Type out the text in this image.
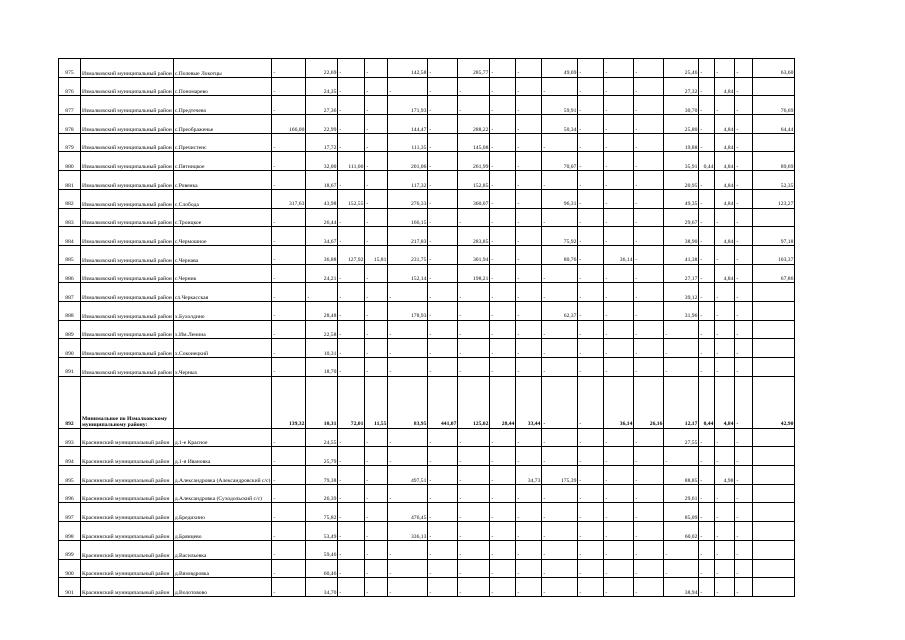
875	Измалковский муниципальный район	с.Полевые Локотцы	-	22,69	-	-	142,58	-	285,77	-	-	49,69	-	-	-	25,46	-	-	-	63,60
876	Измалковский муниципальный район	с.Пономарево	-	24,35	-	-	-	-	-	-	-	-	-	-	-	27,32	-	4,84	-	
877	Измалковский муниципальный район	с.Предтечево	-	27,36	-	-	171,93	-	-	-	-	59,91	-	-	-	30,70	-	-	-	76,69
878	Измалковский муниципальный район	с.Преображенье	166,00	22,99	-	-	144,47	-	288,22	-	-	50,34	-	-	-	25,80	-	4,84	-	64,44
879	Измалковский муниципальный район	с.Пречистенс	-	17,72	-	-	111,35	-	145,08	-	-	-	-	-	-	19,88	-	4,84	-	
880	Измалковский муниципальный район	с.Пятницкое	-	32,00	111,00	-	201,06	-	261,99	-	-	70,07	-	-	-	35,91	0,44	4,84	-	89,69
881	Измалковский муниципальный район	с.Ровенка	-	18,67	-	-	117,32	-	152,85	-	-	-	-	-	-	20,95	-	4,84	-	52,35
882	Измалковский муниципальный район	с.Слобода	317,63	43,98	152,55	-	276,33	-	360,07	-	-	96,31	-	-	-	49,35	-	4,84	-	123,27
883	Измалковский муниципальный район	с.Троицкое	-	26,44	-	-	166,15	-	-	-	-	-	-	-	-	29,67	-	-	-	
884	Измалковский муниципальный район	с.Чермошное	-	34,67	-	-	217,83	-	283,85	-	-	75,92	-	-	-	38,90	-	4,84	-	97,18
885	Измалковский муниципальный район	с.Чернава	-	36,88	127,92	15,81	231,75	-	301,94	-	-	80,76	-	36,14	-	41,38	-	-	-	103,37
886	Измалковский муниципальный район	с.Черник	-	24,21	-	-	152,14	-	198,21	-	-	-	-	-	-	27,17	-	4,84	-	67,86
887	Измалковский муниципальный район	сл.Черкасская	-	-	-	-	-	-	-	-	-	-	-	-	-	39,12	-	-	-	
888	Измалковский муниципальный район	х.Бухолдино	-	28,48	-	-	178,93	-	-	-	-	62,37	-	-	-	31,96	-	-	-	
889	Измалковский муниципальный район	х.Им.Ленина	-	22,58	-	-	-	-	-	-	-	-	-	-	-	-	-	-	-	
890	Измалковский муниципальный район	х.Сокоиецкий	-	10,31	-	-	-	-	-	-	-	-	-	-	-	-	-	-	-	
891	Измалковский муниципальный район	х.Черных	-	18,70	-	-	-	-	-	-	-	-	-	-	-	-	-	-	-	
892	Минимальное по Измалковскому муниципальному району:		139,32	10,31	72,01	11,55	83,95	441,07	125,02	28,44	33,44	-	-	36,14	26,16	12,17	0,44	4,84	-	42,90
893	Краснинский муниципальный район	д.1-е Красное	-	24,55	-	-	-	-	-	-	-	-	-	-	-	27,55	-	-	-	
894	Краснинский муниципальный район	д.1-я Ивановка	-	25,79	-	-	-	-	-	-	-	-	-	-	-	-	-	-	-	
895	Краснинский муниципальный район	д.Александровка (Александровский с/с)	-	79,38	-	-	497,51	-	-	-	34,73	175,39	-	-	-	88,85	-	4,98	-	
896	Краснинский муниципальный район	д.Александровка (Суходольский с/с)	-	26,39	-	-	-	-	-	-	-	-	-	-	-	29,61	-	-	-	
897	Краснинский муниципальный район	д.Бредихино	-	75,82	-	-	476,45	-	-	-	-	-	-	-	-	85,09	-	-	-	
898	Краснинский муниципальный район	д.Брянцево	-	53,49	-	-	336,13	-	-	-	-	-	-	-	-	60,02	-	-	-	
899	Краснинский муниципальный район	д.Васильевка	-	59,46	-	-	-	-	-	-	-	-	-	-	-	-	-	-	-	
900	Краснинский муниципальный район	д.Вязовдровка	-	60,46	-	-	-	-	-	-	-	-	-	-	-	-	-	-	-	
901	Краснинский муниципальный район	д.Волотовово	-	34,70	-	-	-	-	-	-	-	-	-	-	-	38,94	-	-	-	
